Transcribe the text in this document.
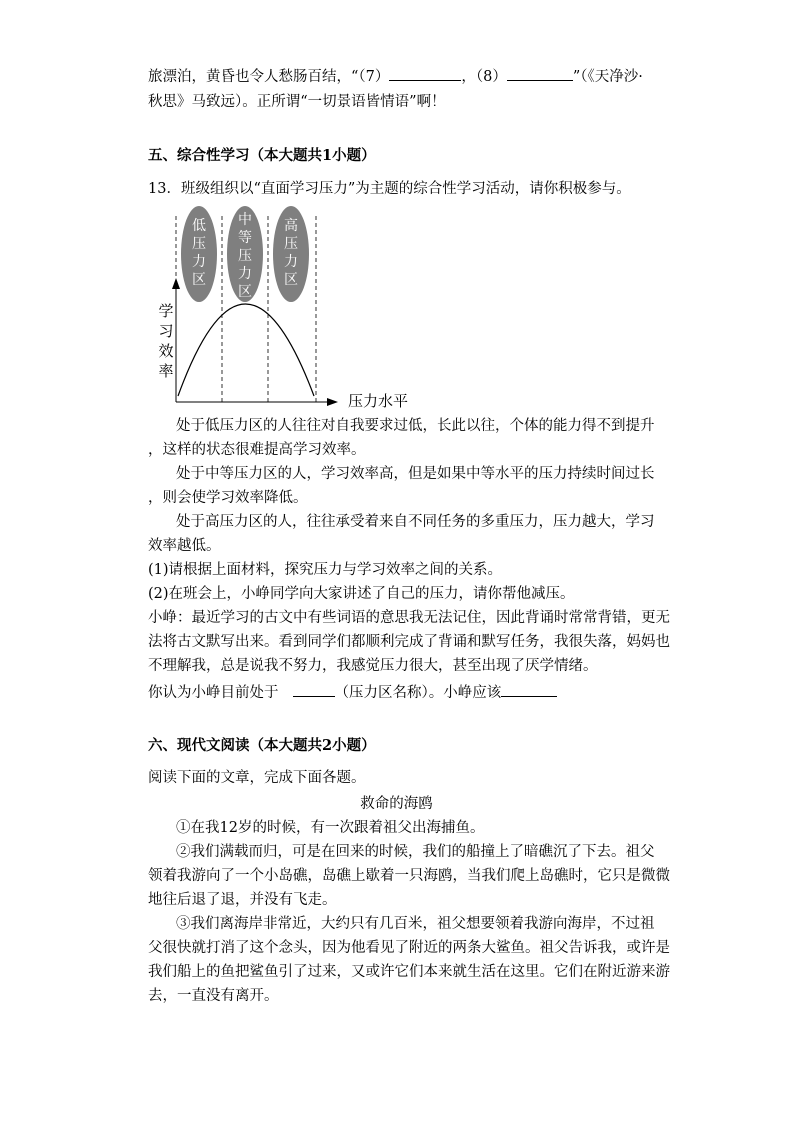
旅漂泊，黄昏也令人愁肠百结，“（7）	，（8）	”（《天净沙·
秋思》马致远）。正所谓“一切景语皆情语”啊！
五、综合性学习（本大题共1小题）
13．班级组织以“直面学习压力”为主题的综合性学习活动，请你积极参与。
低
压
力
区
中
等
压
力
区
高
压
力
区
学
习
效
率
压力水平
处于低压力区的人往往对自我要求过低，长此以往，个体的能力得不到提升
，这样的状态很难提高学习效率。
处于中等压力区的人，学习效率高，但是如果中等水平的压力持续时间过长
，则会使学习效率降低。
处于高压力区的人，往往承受着来自不同任务的多重压力，压力越大，学习
效率越低。
(1)请根据上面材料，探究压力与学习效率之间的关系。
(2)在班会上，小峥同学向大家讲述了自己的压力，请你帮他减压。
小峥：最近学习的古文中有些词语的意思我无法记住，因此背诵时常常背错，更无
法将古文默写出来。看到同学们都顺利完成了背诵和默写任务，我很失落，妈妈也
不理解我，总是说我不努力，我感觉压力很大，甚至出现了厌学情绪。
你认为小峥目前处于	（压力区名称）。小峥应该
六、现代文阅读（本大题共2小题）
阅读下面的文章，完成下面各题。
救命的海鸥
①在我12岁的时候，有一次跟着祖父出海捕鱼。
②我们满载而归，可是在回来的时候，我们的船撞上了暗礁沉了下去。祖父
领着我游向了一个小岛礁，岛礁上歇着一只海鸥，当我们爬上岛礁时，它只是微微
地往后退了退，并没有飞走。
③我们离海岸非常近，大约只有几百米，祖父想要领着我游向海岸，不过祖
父很快就打消了这个念头，因为他看见了附近的两条大鲨鱼。祖父告诉我，或许是
我们船上的鱼把鲨鱼引了过来，又或许它们本来就生活在这里。它们在附近游来游
去，一直没有离开。
